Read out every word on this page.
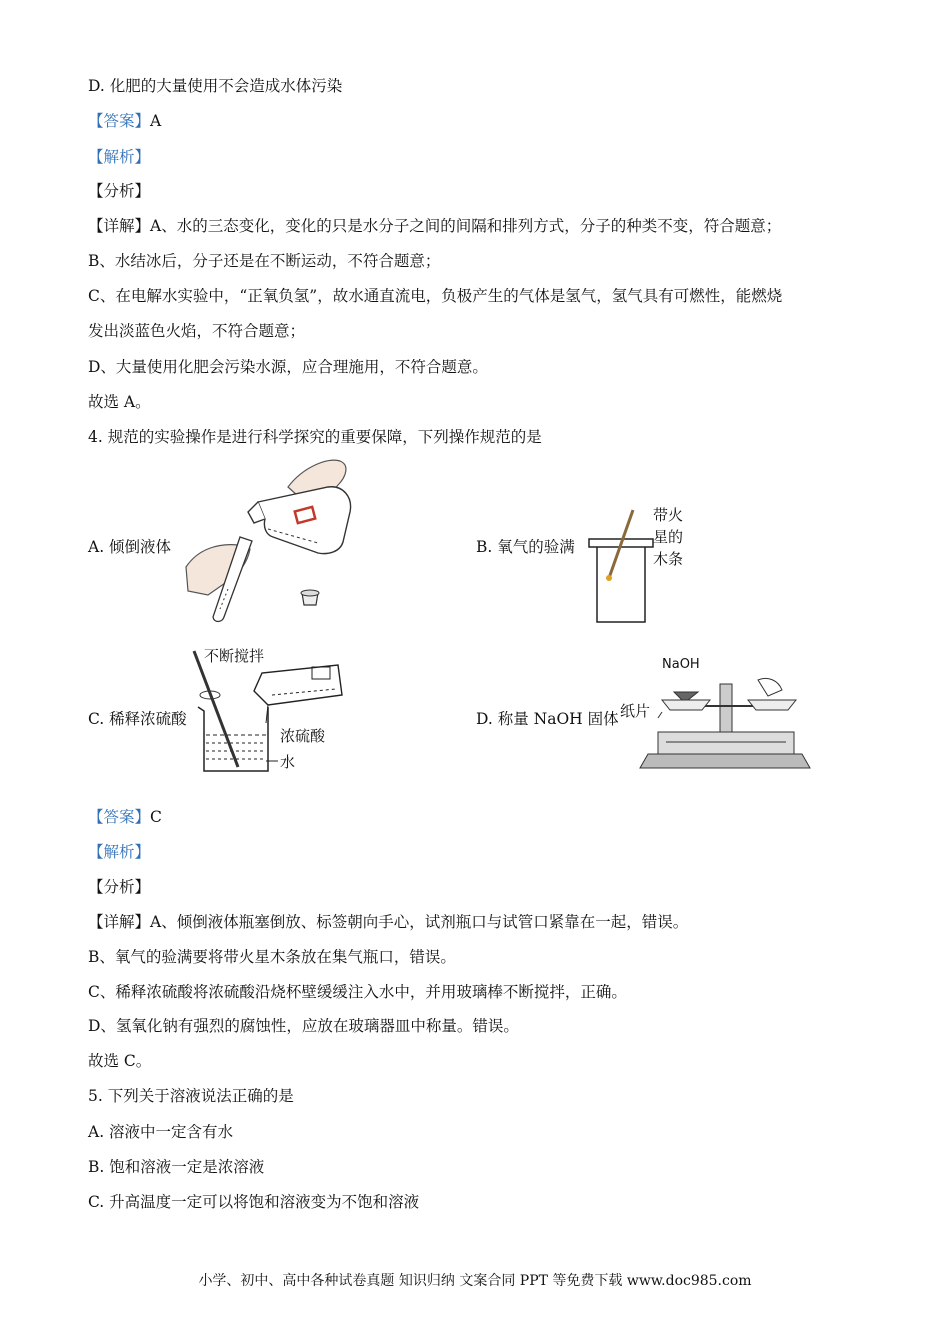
D. 化肥的大量使用不会造成水体污染
【答案】A
【解析】
【分析】
【详解】A、水的三态变化，变化的只是水分子之间的间隔和排列方式，分子的种类不变，符合题意；
B、水结冰后，分子还是在不断运动，不符合题意；
C、在电解水实验中，“正氧负氢”，故水通直流电，负极产生的气体是氢气，氢气具有可燃性，能燃烧
发出淡蓝色火焰，不符合题意；
D、大量使用化肥会污染水源，应合理施用，不符合题意。
故选 A。
4. 规范的实验操作是进行科学探究的重要保障，下列操作规范的是
A. 倾倒液体	B. 氧气的验满
C. 稀释浓硫酸	D. 称量 NaOH 固体
带火
星的
木条
不断搅拌
浓硫酸
水
NaOH
纸片
【答案】C
【解析】
【分析】
【详解】A、倾倒液体瓶塞倒放、标签朝向手心，试剂瓶口与试管口紧靠在一起，错误。
B、氧气的验满要将带火星木条放在集气瓶口，错误。
C、稀释浓硫酸将浓硫酸沿烧杯壁缓缓注入水中，并用玻璃棒不断搅拌，正确。
D、氢氧化钠有强烈的腐蚀性，应放在玻璃器皿中称量。错误。
故选 C。
5. 下列关于溶液说法正确的是
A. 溶液中一定含有水
B. 饱和溶液一定是浓溶液
C. 升高温度一定可以将饱和溶液变为不饱和溶液
小学、初中、高中各种试卷真题 知识归纳 文案合同 PPT 等免费下载 www.doc985.com
